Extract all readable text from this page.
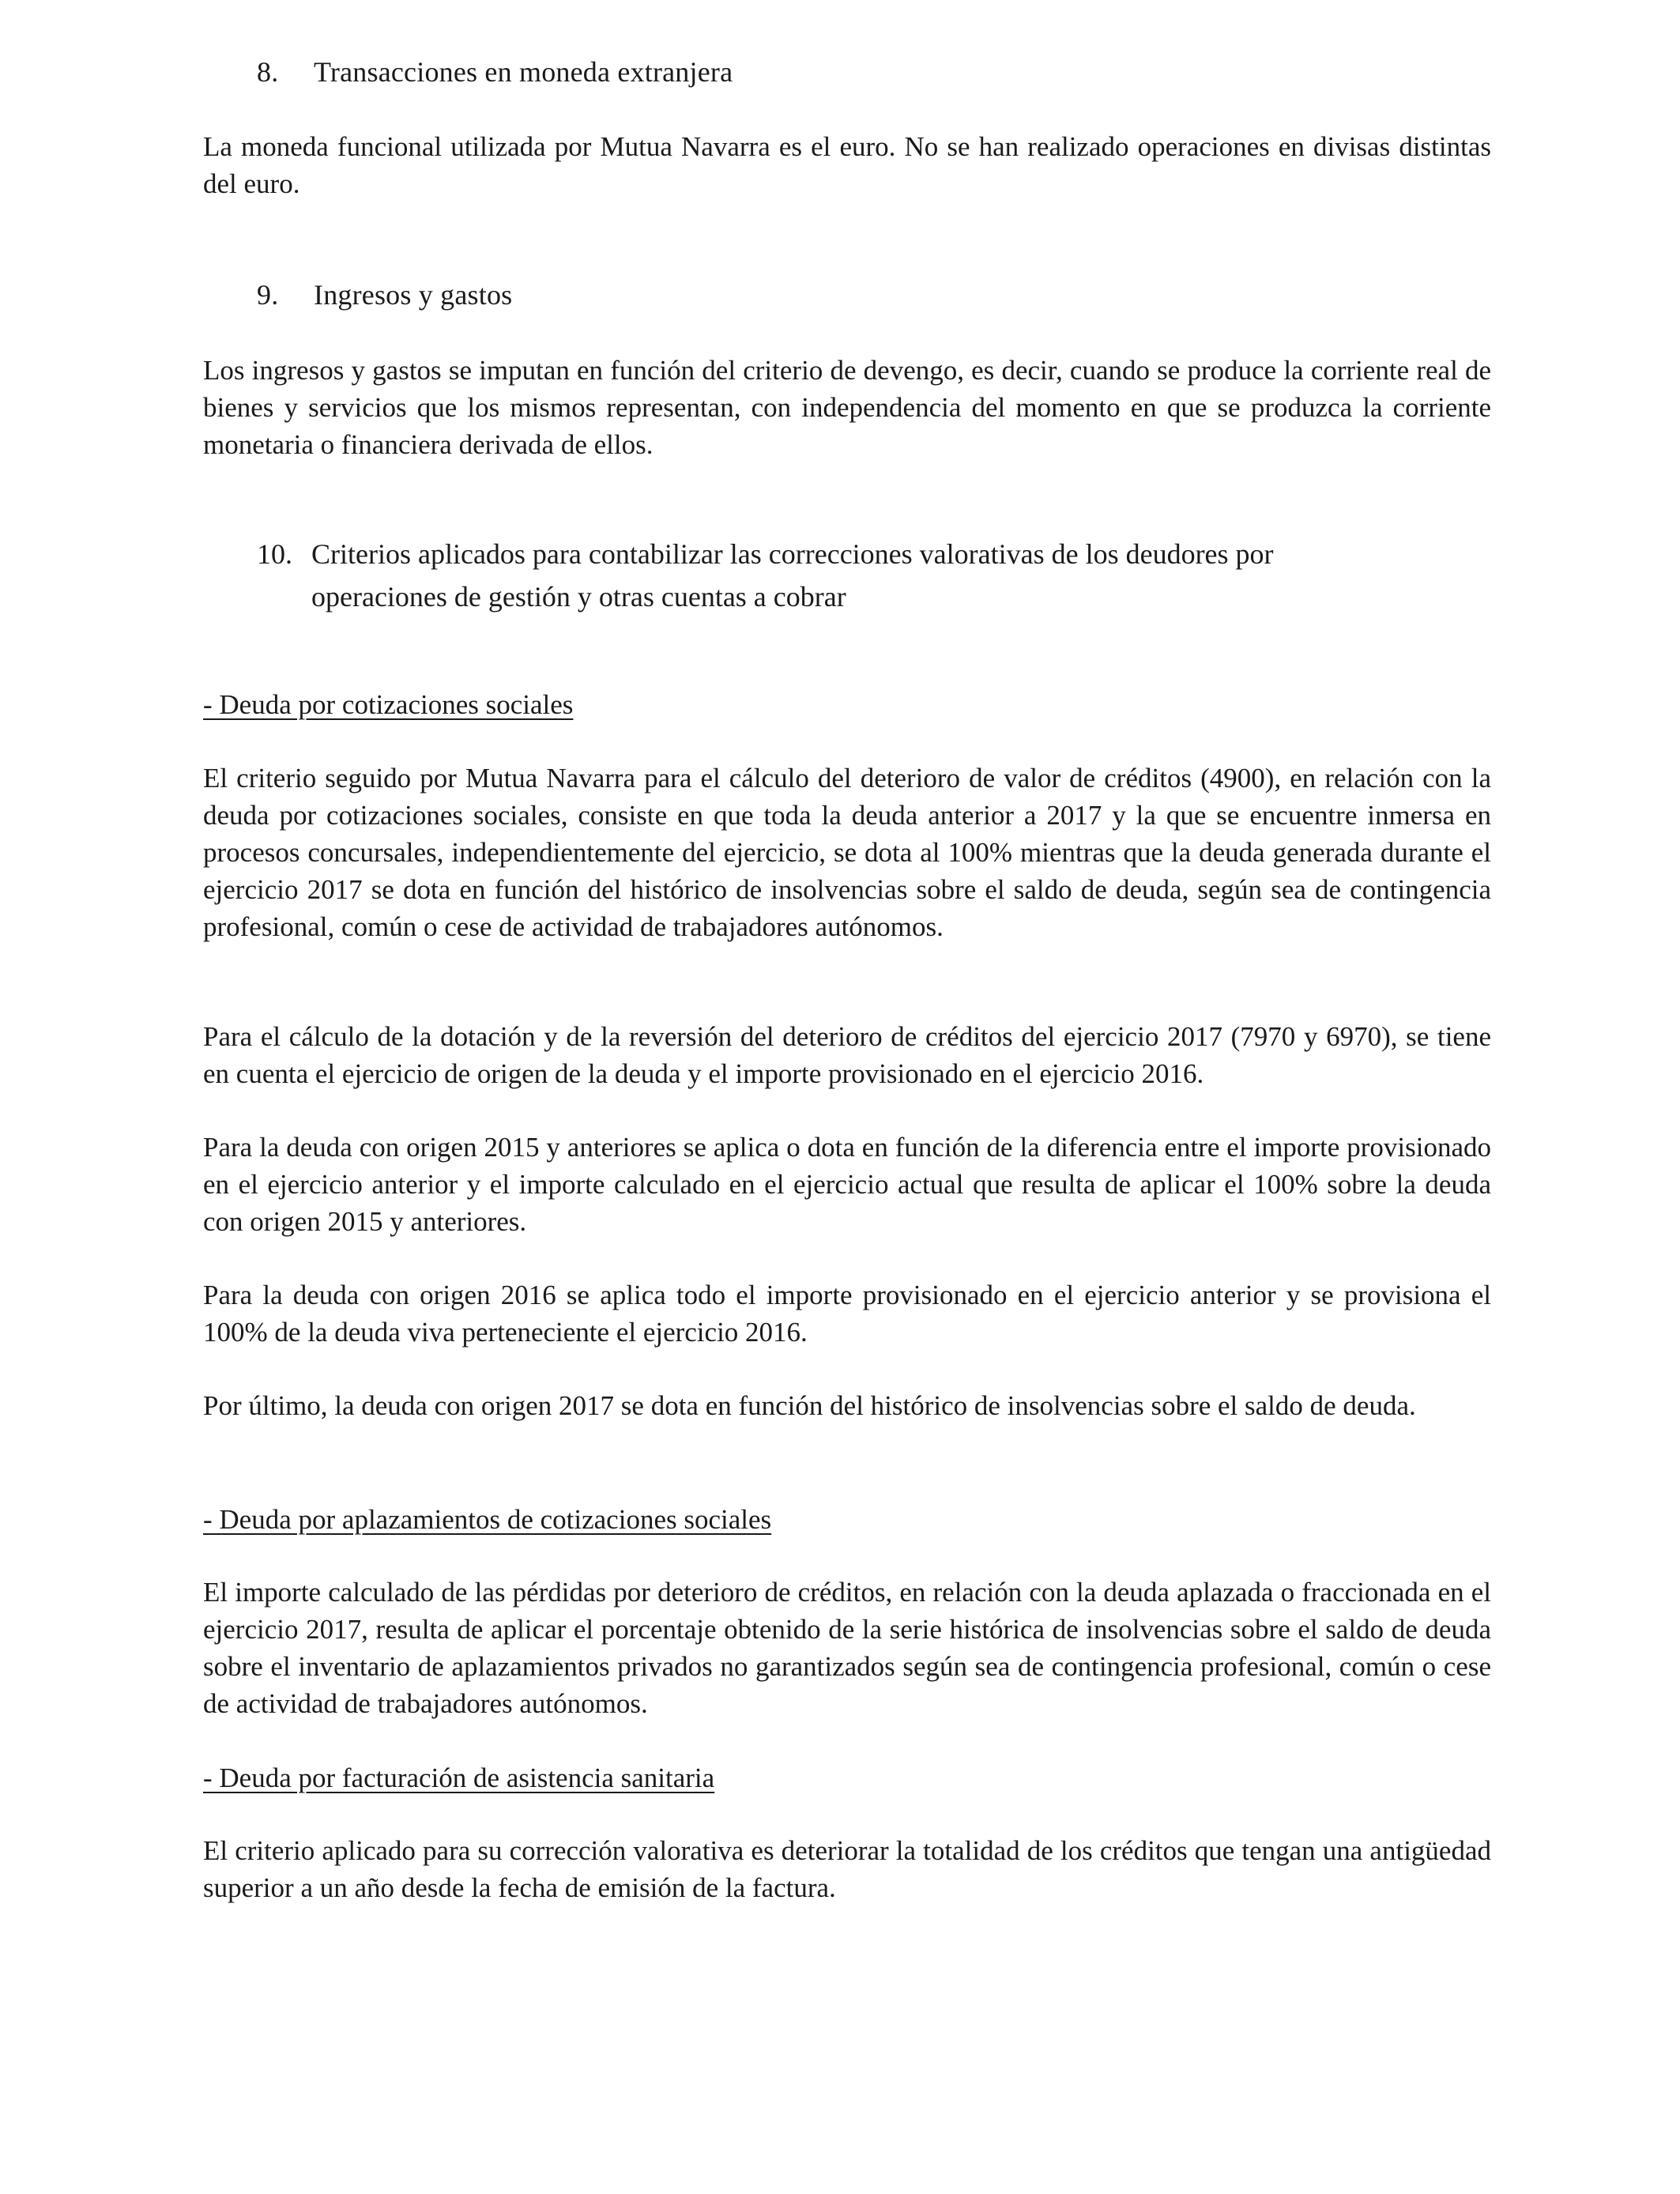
8. Transacciones en moneda extranjera

La moneda funcional utilizada por Mutua Navarra es el euro. No se han realizado operaciones en divisas distintas del euro.

9. Ingresos y gastos

Los ingresos y gastos se imputan en función del criterio de devengo, es decir, cuando se produce la corriente real de bienes y servicios que los mismos representan, con independencia del momento en que se produzca la corriente monetaria o financiera derivada de ellos.

10. Criterios aplicados para contabilizar las correcciones valorativas de los deudores por
operaciones de gestión y otras cuentas a cobrar
- Deuda por cotizaciones sociales

El criterio seguido por Mutua Navarra para el cálculo del deterioro de valor de créditos (4900), en relación con la deuda por cotizaciones sociales, consiste en que toda la deuda anterior a 2017 y la que se encuentre inmersa en procesos concursales, independientemente del ejercicio, se dota al 100% mientras que la deuda generada durante el ejercicio 2017 se dota en función del histórico de insolvencias sobre el saldo de deuda, según sea de contingencia profesional, común o cese de actividad de trabajadores autónomos.

Para el cálculo de la dotación y de la reversión del deterioro de créditos del ejercicio 2017 (7970 y 6970), se tiene en cuenta el ejercicio de origen de la deuda y el importe provisionado en el ejercicio 2016.

Para la deuda con origen 2015 y anteriores se aplica o dota en función de la diferencia entre el importe provisionado en el ejercicio anterior y el importe calculado en el ejercicio actual que resulta de aplicar el 100% sobre la deuda con origen 2015 y anteriores.

Para la deuda con origen 2016 se aplica todo el importe provisionado en el ejercicio anterior y se provisiona el 100% de la deuda viva perteneciente el ejercicio 2016.

Por último, la deuda con origen 2017 se dota en función del histórico de insolvencias sobre el saldo de deuda.

- Deuda por aplazamientos de cotizaciones sociales

El importe calculado de las pérdidas por deterioro de créditos, en relación con la deuda aplazada o fraccionada en el ejercicio 2017, resulta de aplicar el porcentaje obtenido de la serie histórica de insolvencias sobre el saldo de deuda sobre el inventario de aplazamientos privados no garantizados según sea de contingencia profesional, común o cese de actividad de trabajadores autónomos.

- Deuda por facturación de asistencia sanitaria

El criterio aplicado para su corrección valorativa es deteriorar la totalidad de los créditos que tengan una antigüedad superior a un año desde la fecha de emisión de la factura.
